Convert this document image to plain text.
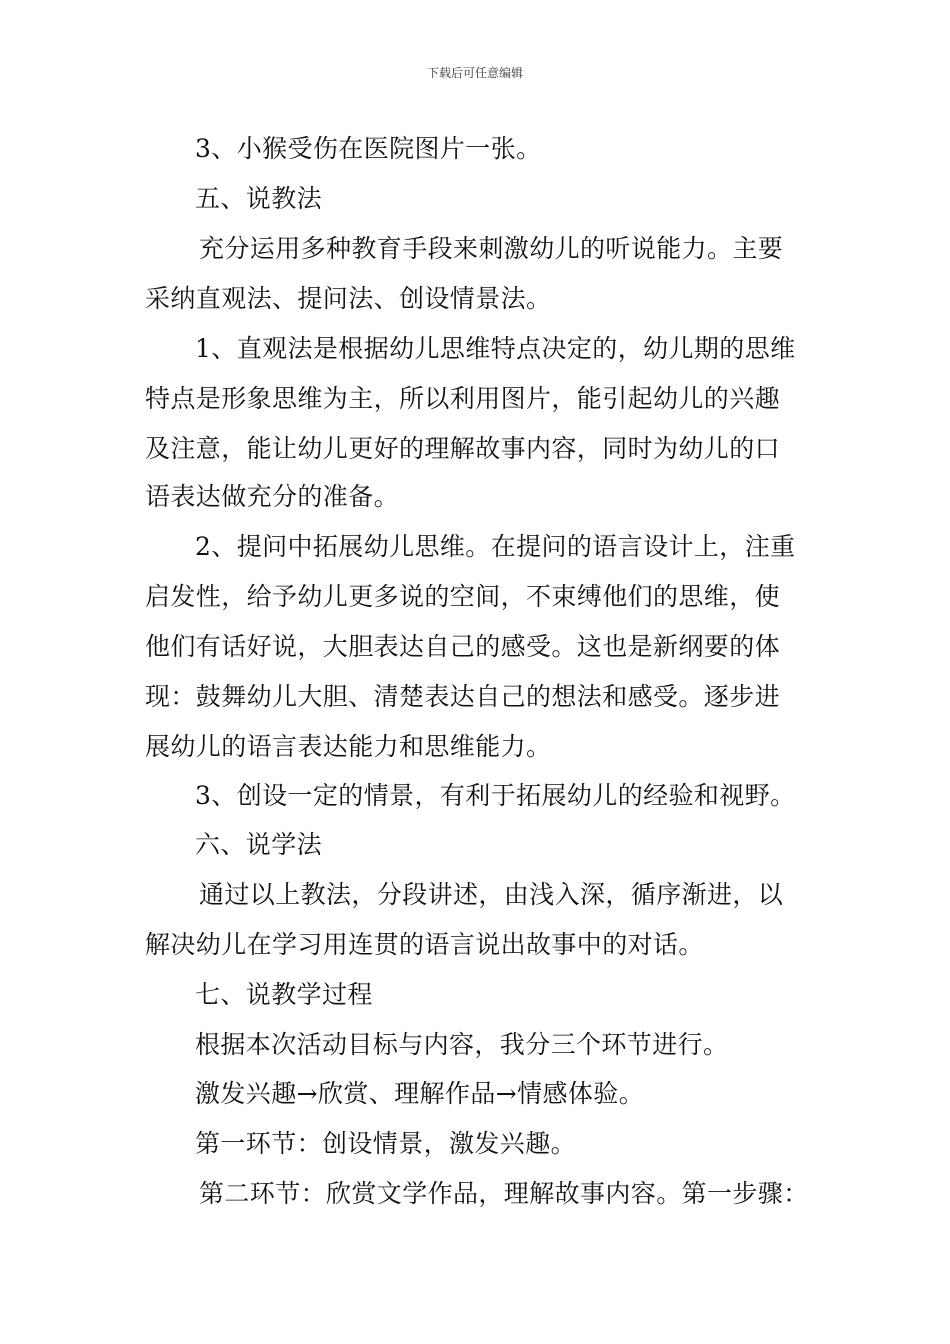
下载后可任意编辑
3、小猴受伤在医院图片一张。
五、说教法
充分运用多种教育手段来刺激幼儿的听说能力。主要
采纳直观法、提问法、创设情景法。
1、直观法是根据幼儿思维特点决定的，幼儿期的思维
特点是形象思维为主，所以利用图片，能引起幼儿的兴趣
及注意，能让幼儿更好的理解故事内容，同时为幼儿的口
语表达做充分的准备。
2、提问中拓展幼儿思维。在提问的语言设计上，注重
启发性，给予幼儿更多说的空间，不束缚他们的思维，使
他们有话好说，大胆表达自己的感受。这也是新纲要的体
现：鼓舞幼儿大胆、清楚表达自己的想法和感受。逐步进
展幼儿的语言表达能力和思维能力。
3、创设一定的情景，有利于拓展幼儿的经验和视野。
六、说学法
通过以上教法，分段讲述，由浅入深，循序渐进，以
解决幼儿在学习用连贯的语言说出故事中的对话。
七、说教学过程
根据本次活动目标与内容，我分三个环节进行。
激发兴趣→欣赏、理解作品→情感体验。
第一环节：创设情景，激发兴趣。
第二环节：欣赏文学作品，理解故事内容。第一步骤：
